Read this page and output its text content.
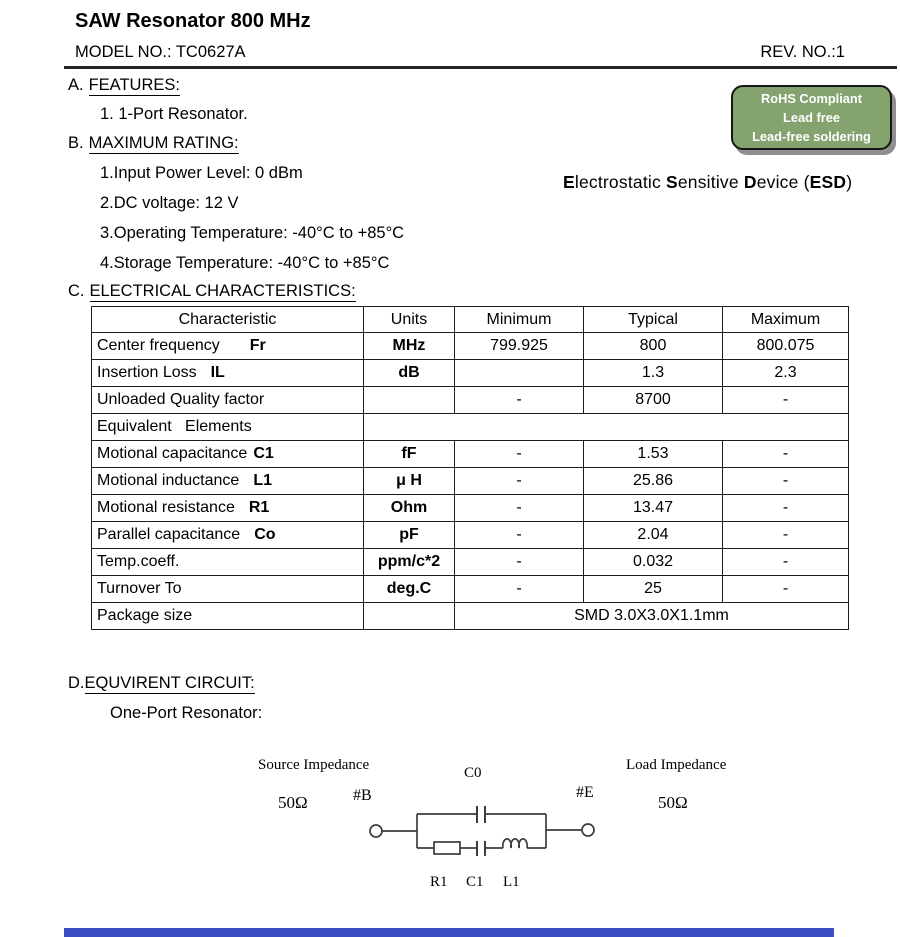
SAW Resonator 800 MHz
MODEL NO.: TC0627A	REV. NO.:1
A. FEATURES:
1. 1-Port Resonator.
B. MAXIMUM RATING:
1.Input Power Level: 0 dBm
2.DC voltage: 12 V
3.Operating Temperature: -40°C to +85°C
4.Storage Temperature: -40°C to +85°C
RoHS Compliant
Lead free
Lead-free soldering
Electrostatic Sensitive Device (ESD)
C. ELECTRICAL CHARACTERISTICS:
Characteristic	Units	Minimum	Typical	Maximum
Center frequency Fr	MHz	799.925	800	800.075
Insertion Loss IL	dB		1.3	2.3
Unloaded Quality factor		-	8700	-
Equivalent   Elements				
Motional capacitance C1	fF	-	1.53	-
Motional inductance L1	μ H	-	25.86	-
Motional resistance R1	Ohm	-	13.47	-
Parallel capacitance Co	pF	-	2.04	-
Temp.coeff.	ppm/c*2	-	0.032	-
Turnover To	deg.C	-	25	-
Package size		SMD 3.0X3.0X1.1mm		
D.EQUVIRENT CIRCUIT:
One-Port Resonator:
Source Impedance
50Ω	#B
C0
#E
Load Impedance
50Ω
R1 C1 L1
